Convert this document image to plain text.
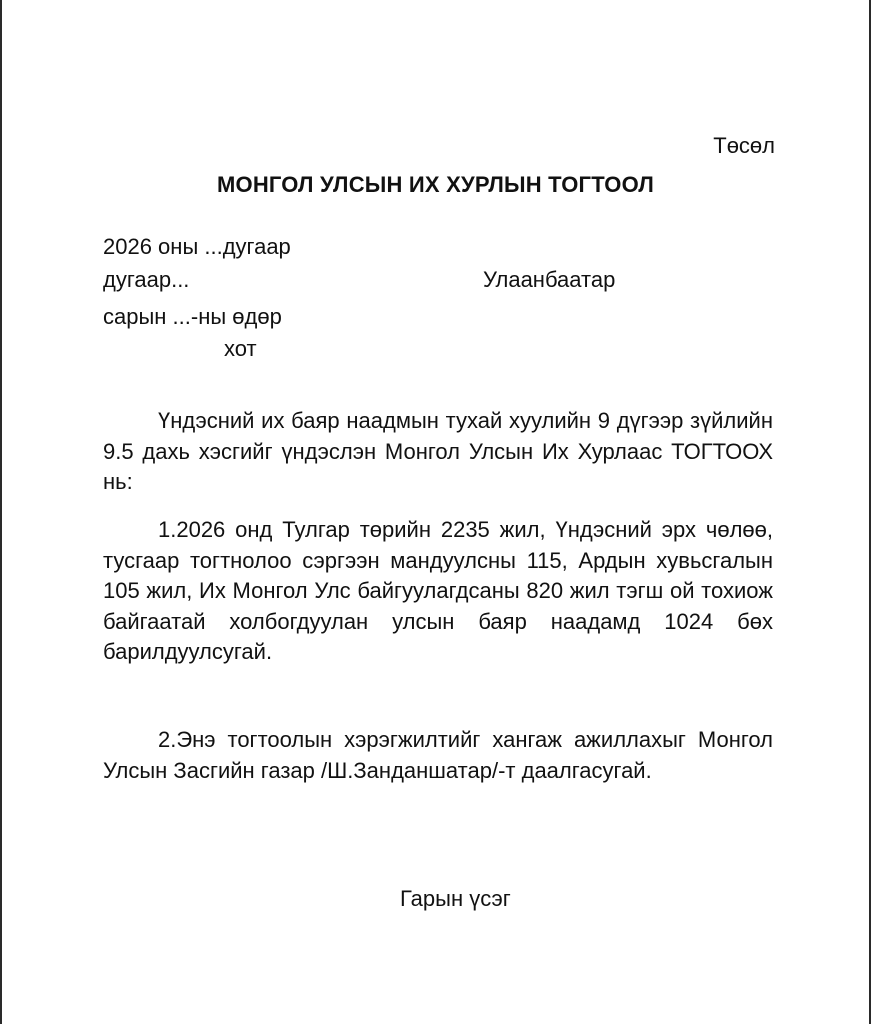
Төсөл
МОНГОЛ УЛСЫН ИХ ХУРЛЫН ТОГТООЛ
2026 оны ...дугаар
дугаар...	Улаанбаатар
сарын ...-ны өдөр
хот

Үндэсний их баяр наадмын тухай хуулийн 9 дүгээр зүйлийн 9.5 дахь хэсгийг үндэслэн Монгол Улсын Их Хурлаас ТОГТООХ нь:

1.2026 онд Тулгар төрийн 2235 жил, Үндэсний эрх чөлөө, тусгаар тогтнолоо сэргээн мандуулсны 115, Ардын хувьсгалын 105 жил, Их Монгол Улс байгуулагдсаны 820 жил тэгш ой тохиож байгаатай холбогдуулан улсын баяр наадамд 1024 бөх барилдуулсугай.

2.Энэ тогтоолын хэрэгжилтийг хангаж ажиллахыг Монгол Улсын Засгийн газар /Ш.Занданшатар/-т даалгасугай.

Гарын үсэг
